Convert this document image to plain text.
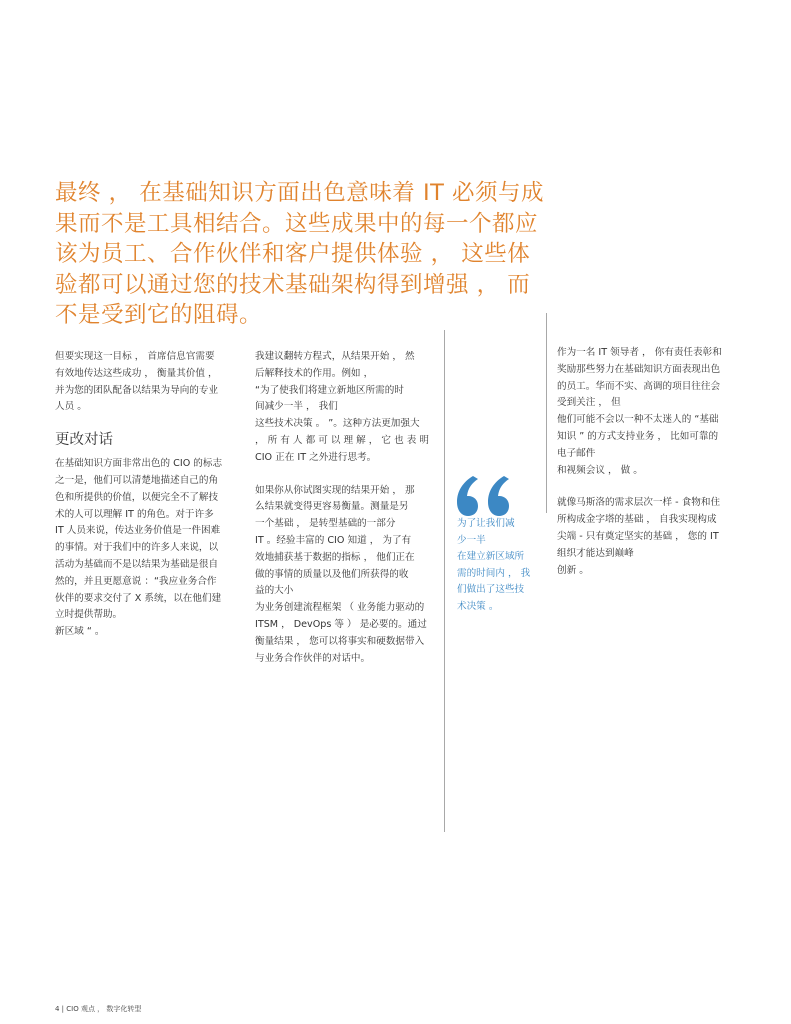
最终 ， 在基础知识方面出色意味着 IT 必须与成
果而不是工具相结合。这些成果中的每一个都应
该为员工、合作伙伴和客户提供体验 ， 这些体
验都可以通过您的技术基础架构得到增强 ， 而
不是受到它的阻碍。
但要实现这一目标 ， 首席信息官需要
有效地传达这些成功 ， 衡量其价值 ，
并为您的团队配备以结果为导向的专业
人员 。
更改对话
在基础知识方面非常出色的 CIO 的标志
之一是，他们可以清楚地描述自己的角
色和所提供的价值，以便完全不了解技
术的人可以理解 IT 的角色。对于许多
IT 人员来说，传达业务价值是一件困难
的事情。对于我们中的许多人来说，以
活动为基础而不是以结果为基础是很自
然的，并且更愿意说 ：“我应业务合作
伙伴的要求交付了 X 系统，以在他们建
立时提供帮助。
新区域 “ 。
我建议翻转方程式，从结果开始 ， 然
后解释技术的作用。例如 ，
“为了使我们将建立新地区所需的时
间减少一半 ， 我们
这些技术决策 。 ”。这种方法更加强大
， 所 有 人 都 可 以 理 解 ， 它 也 表 明
CIO 正在 IT 之外进行思考。
如果你从你试图实现的结果开始 ， 那
么结果就变得更容易衡量。测量是另
一个基础 ， 是转型基础的一部分
IT 。经验丰富的 CIO 知道 ， 为了有
效地捕获基于数据的指标 ， 他们正在
做的事情的质量以及他们所获得的收
益的大小
为业务创建流程框架 （ 业务能力驱动的
ITSM ， DevOps 等 ） 是必要的。通过
衡量结果 ， 您可以将事实和硬数据带入
与业务合作伙伴的对话中。
为了让我们减
少一半
在建立新区域所
需的时间内 ， 我
们做出了这些技
术决策 。
作为一名 IT 领导者 ， 你有责任表彰和
奖励那些努力在基础知识方面表现出色
的员工。华而不实、高调的项目往往会
受到关注 ， 但
他们可能不会以一种不太迷人的 “基础
知识 ” 的方式支持业务 ， 比如可靠的
电子邮件
和视频会议 ， 做 。
就像马斯洛的需求层次一样 - 食物和住
所构成金字塔的基础 ， 自我实现构成
尖端 - 只有奠定坚实的基础 ， 您的 IT
组织才能达到巅峰
创新 。
4 | CIO 观点 ， 数字化转型
